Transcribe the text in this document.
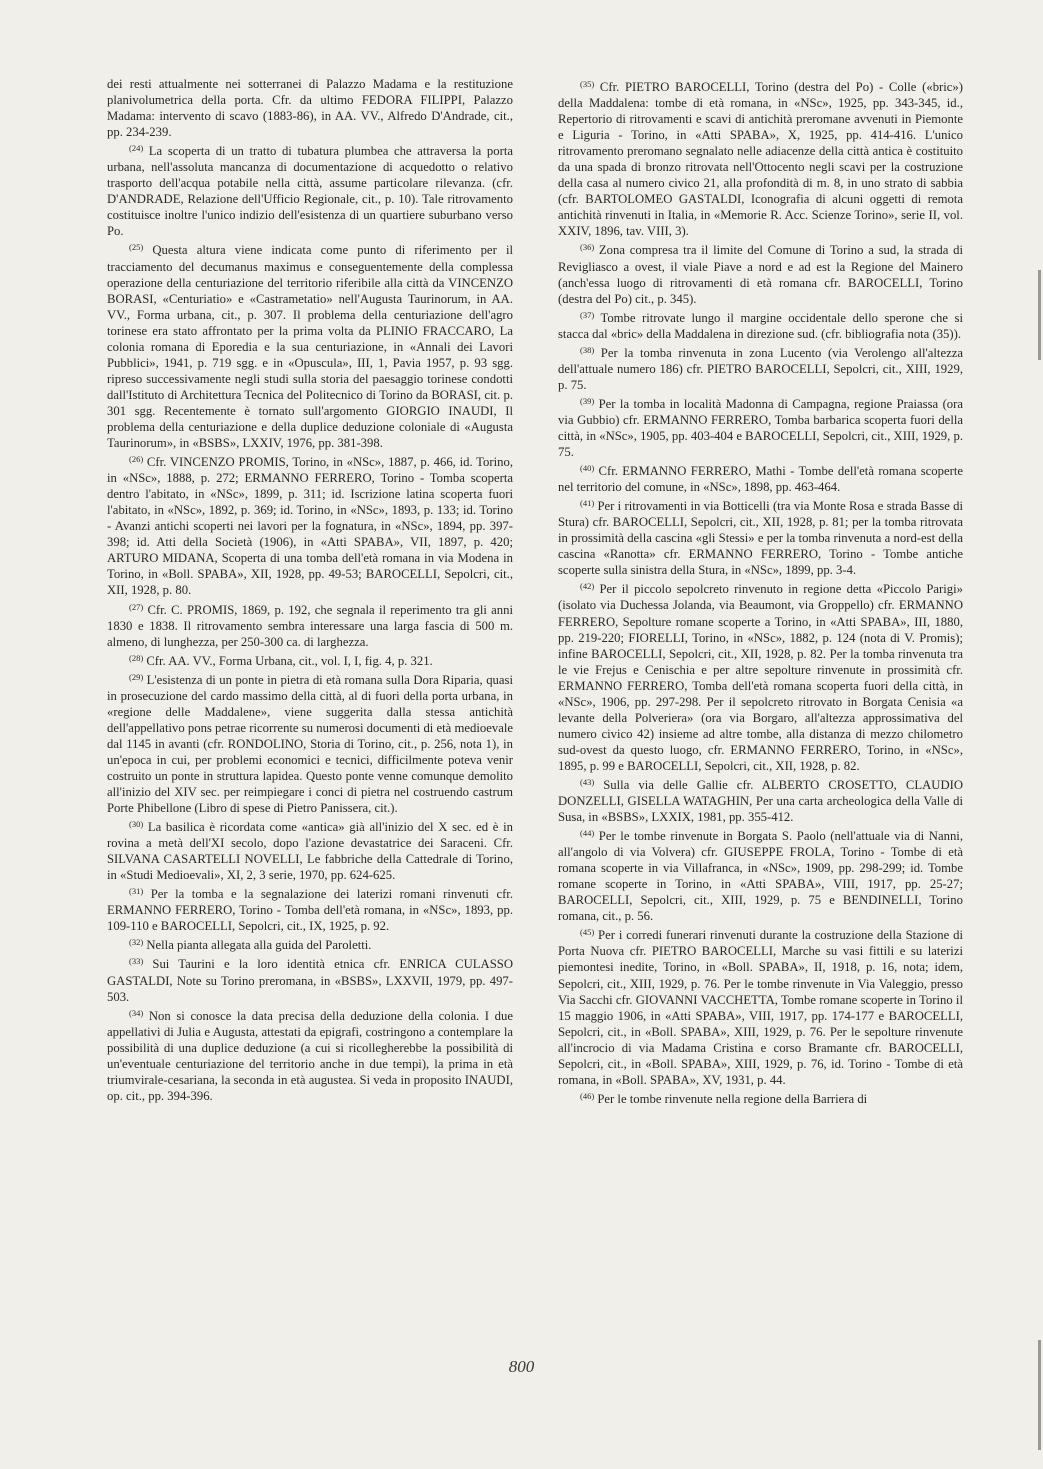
dei resti attualmente nei sotterranei di Palazzo Madama e la restituzione planivolumetrica della porta. Cfr. da ultimo FEDORA FILIPPI, Palazzo Madama: intervento di scavo (1883-86), in AA. VV., Alfredo D'Andrade, cit., pp. 234-239.

$^{(24)}$ La scoperta di un tratto di tubatura plumbea che attraversa la porta urbana, nell'assoluta mancanza di documentazione di acquedotto o relativo trasporto dell'acqua potabile nella città, assume particolare rilevanza. (cfr. D'ANDRADE, Relazione dell'Ufficio Regionale, cit., p. 10). Tale ritrovamento costituisce inoltre l'unico indizio dell'esistenza di un quartiere suburbano verso Po.

$^{(25)}$ Questa altura viene indicata come punto di riferimento per il tracciamento del decumanus maximus e conseguentemente della complessa operazione della centuriazione del territorio riferibile alla città da VINCENZO BORASI, «Centuriatio» e «Castrametatio» nell'Augusta Taurinorum, in AA. VV., Forma urbana, cit., p. 307. Il problema della centuriazione dell'agro torinese era stato affrontato per la prima volta da PLINIO FRACCARO, La colonia romana di Eporedia e la sua centuriazione, in «Annali dei Lavori Pubblici», 1941, p. 719 sgg. e in «Opuscula», III, 1, Pavia 1957, p. 93 sgg. ripreso successivamente negli studi sulla storia del paesaggio torinese condotti dall'Istituto di Architettura Tecnica del Politecnico di Torino da BORASI, cit. p. 301 sgg. Recentemente è tornato sull'argomento GIORGIO INAUDI, Il problema della centuriazione e della duplice deduzione coloniale di «Augusta Taurinorum», in «BSBS», LXXIV, 1976, pp. 381-398.

$^{(26)}$ Cfr. VINCENZO PROMIS, Torino, in «NSc», 1887, p. 466, id. Torino, in «NSc», 1888, p. 272; ERMANNO FERRERO, Torino - Tomba scoperta dentro l'abitato, in «NSc», 1899, p. 311; id. Iscrizione latina scoperta fuori l'abitato, in «NSc», 1892, p. 369; id. Torino, in «NSc», 1893, p. 133; id. Torino - Avanzi antichi scoperti nei lavori per la fognatura, in «NSc», 1894, pp. 397-398; id. Atti della Società (1906), in «Atti SPABA», VII, 1897, p. 420; ARTURO MIDANA, Scoperta di una tomba dell'età romana in via Modena in Torino, in «Boll. SPABA», XII, 1928, pp. 49-53; BAROCELLI, Sepolcri, cit., XII, 1928, p. 80.

$^{(27)}$ Cfr. C. PROMIS, 1869, p. 192, che segnala il reperimento tra gli anni 1830 e 1838. Il ritrovamento sembra interessare una larga fascia di 500 m. almeno, di lunghezza, per 250-300 ca. di larghezza.

$^{(28)}$ Cfr. AA. VV., Forma Urbana, cit., vol. I, I, fig. 4, p. 321.

$^{(29)}$ L'esistenza di un ponte in pietra di età romana sulla Dora Riparia, quasi in prosecuzione del cardo massimo della città, al di fuori della porta urbana, in «regione delle Maddalene», viene suggerita dalla stessa antichità dell'appellativo pons petrae ricorrente su numerosi documenti di età medioevale dal 1145 in avanti (cfr. RONDOLINO, Storia di Torino, cit., p. 256, nota 1), in un'epoca in cui, per problemi economici e tecnici, difficilmente poteva venir costruito un ponte in struttura lapidea. Questo ponte venne comunque demolito all'inizio del XIV sec. per reimpiegare i conci di pietra nel costruendo castrum Porte Phibellone (Libro di spese di Pietro Panissera, cit.).

$^{(30)}$ La basilica è ricordata come «antica» già all'inizio del X sec. ed è in rovina a metà dell'XI secolo, dopo l'azione devastatrice dei Saraceni. Cfr. SILVANA CASARTELLI NOVELLI, Le fabbriche della Cattedrale di Torino, in «Studi Medioevali», XI, 2, 3 serie, 1970, pp. 624-625.

$^{(31)}$ Per la tomba e la segnalazione dei laterizi romani rinvenuti cfr. ERMANNO FERRERO, Torino - Tomba dell'età romana, in «NSc», 1893, pp. 109-110 e BAROCELLI, Sepolcri, cit., IX, 1925, p. 92.

$^{(32)}$ Nella pianta allegata alla guida del Paroletti.

$^{(33)}$ Sui Taurini e la loro identità etnica cfr. ENRICA CULASSO GASTALDI, Note su Torino preromana, in «BSBS», LXXVII, 1979, pp. 497-503.

$^{(34)}$ Non si conosce la data precisa della deduzione della colonia. I due appellativi di Julia e Augusta, attestati da epigrafi, costringono a contemplare la possibilità di una duplice deduzione (a cui si ricollegherebbe la possibilità di un'eventuale centuriazione del territorio anche in due tempi), la prima in età triumvirale-cesariana, la seconda in età augustea. Si veda in proposito INAUDI, op. cit., pp. 394-396.

$^{(35)}$ Cfr. PIETRO BAROCELLI, Torino (destra del Po) - Colle («bric») della Maddalena: tombe di età romana, in «NSc», 1925, pp. 343-345, id., Repertorio di ritrovamenti e scavi di antichità preromane avvenuti in Piemonte e Liguria - Torino, in «Atti SPABA», X, 1925, pp. 414-416. L'unico ritrovamento preromano segnalato nelle adiacenze della città antica è costituito da una spada di bronzo ritrovata nell'Ottocento negli scavi per la costruzione della casa al numero civico 21, alla profondità di m. 8, in uno strato di sabbia (cfr. BARTOLOMEO GASTALDI, Iconografia di alcuni oggetti di remota antichità rinvenuti in Italia, in «Memorie R. Acc. Scienze Torino», serie II, vol. XXIV, 1896, tav. VIII, 3).

$^{(36)}$ Zona compresa tra il limite del Comune di Torino a sud, la strada di Revigliasco a ovest, il viale Piave a nord e ad est la Regione del Mainero (anch'essa luogo di ritrovamenti di età romana cfr. BAROCELLI, Torino (destra del Po) cit., p. 345).

$^{(37)}$ Tombe ritrovate lungo il margine occidentale dello sperone che si stacca dal «bric» della Maddalena in direzione sud. (cfr. bibliografia nota (35)).

$^{(38)}$ Per la tomba rinvenuta in zona Lucento (via Verolengo all'altezza dell'attuale numero 186) cfr. PIETRO BAROCELLI, Sepolcri, cit., XIII, 1929, p. 75.

$^{(39)}$ Per la tomba in località Madonna di Campagna, regione Praiassa (ora via Gubbio) cfr. ERMANNO FERRERO, Tomba barbarica scoperta fuori della città, in «NSc», 1905, pp. 403-404 e BAROCELLI, Sepolcri, cit., XIII, 1929, p. 75.

$^{(40)}$ Cfr. ERMANNO FERRERO, Mathi - Tombe dell'età romana scoperte nel territorio del comune, in «NSc», 1898, pp. 463-464.

$^{(41)}$ Per i ritrovamenti in via Botticelli (tra via Monte Rosa e strada Basse di Stura) cfr. BAROCELLI, Sepolcri, cit., XII, 1928, p. 81; per la tomba ritrovata in prossimità della cascina «gli Stessi» e per la tomba rinvenuta a nord-est della cascina «Ranotta» cfr. ERMANNO FERRERO, Torino - Tombe antiche scoperte sulla sinistra della Stura, in «NSc», 1899, pp. 3-4.

$^{(42)}$ Per il piccolo sepolcreto rinvenuto in regione detta «Piccolo Parigi» (isolato via Duchessa Jolanda, via Beaumont, via Groppello) cfr. ERMANNO FERRERO, Sepolture romane scoperte a Torino, in «Atti SPABA», III, 1880, pp. 219-220; FIORELLI, Torino, in «NSc», 1882, p. 124 (nota di V. Promis); infine BAROCELLI, Sepolcri, cit., XII, 1928, p. 82. Per la tomba rinvenuta tra le vie Frejus e Cenischia e per altre sepolture rinvenute in prossimità cfr. ERMANNO FERRERO, Tomba dell'età romana scoperta fuori della città, in «NSc», 1906, pp. 297-298. Per il sepolcreto ritrovato in Borgata Cenisia «a levante della Polveriera» (ora via Borgaro, all'altezza approssimativa del numero civico 42) insieme ad altre tombe, alla distanza di mezzo chilometro sud-ovest da questo luogo, cfr. ERMANNO FERRERO, Torino, in «NSc», 1895, p. 99 e BAROCELLI, Sepolcri, cit., XII, 1928, p. 82.

$^{(43)}$ Sulla via delle Gallie cfr. ALBERTO CROSETTO, CLAUDIO DONZELLI, GISELLA WATAGHIN, Per una carta archeologica della Valle di Susa, in «BSBS», LXXIX, 1981, pp. 355-412.

$^{(44)}$ Per le tombe rinvenute in Borgata S. Paolo (nell'attuale via di Nanni, all'angolo di via Volvera) cfr. GIUSEPPE FROLA, Torino - Tombe di età romana scoperte in via Villafranca, in «NSc», 1909, pp. 298-299; id. Tombe romane scoperte in Torino, in «Atti SPABA», VIII, 1917, pp. 25-27; BAROCELLI, Sepolcri, cit., XIII, 1929, p. 75 e BENDINELLI, Torino romana, cit., p. 56.

$^{(45)}$ Per i corredi funerari rinvenuti durante la costruzione della Stazione di Porta Nuova cfr. PIETRO BAROCELLI, Marche su vasi fittili e su laterizi piemontesi inedite, Torino, in «Boll. SPABA», II, 1918, p. 16, nota; idem, Sepolcri, cit., XIII, 1929, p. 76. Per le tombe rinvenute in Via Valeggio, presso Via Sacchi cfr. GIOVANNI VACCHETTA, Tombe romane scoperte in Torino il 15 maggio 1906, in «Atti SPABA», VIII, 1917, pp. 174-177 e BAROCELLI, Sepolcri, cit., in «Boll. SPABA», XIII, 1929, p. 76. Per le sepolture rinvenute all'incrocio di via Madama Cristina e corso Bramante cfr. BAROCELLI, Sepolcri, cit., in «Boll. SPABA», XIII, 1929, p. 76, id. Torino - Tombe di età romana, in «Boll. SPABA», XV, 1931, p. 44.

$^{(46)}$ Per le tombe rinvenute nella regione della Barriera di

800
